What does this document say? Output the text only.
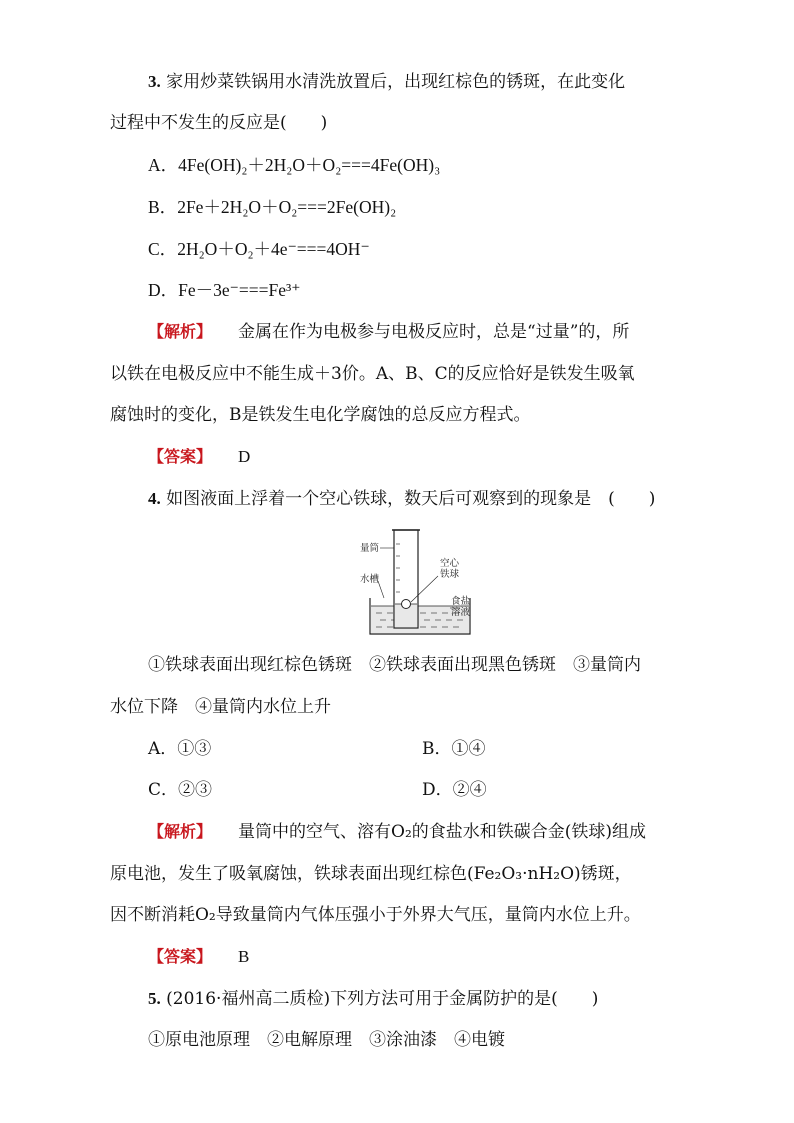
3. 家用炒菜铁锅用水清洗放置后，出现红棕色的锈斑，在此变化
过程中不发生的反应是(　　)
A．4Fe(OH)₂＋2H₂O＋O₂===4Fe(OH)₃
B．2Fe＋2H₂O＋O₂===2Fe(OH)₂
C．2H₂O＋O₂＋4e⁻===4OH⁻
D．Fe－3e⁻===Fe³⁺
【解析】 金属在作为电极参与电极反应时，总是“过量”的，所
以铁在电极反应中不能生成＋3价。A、B、C的反应恰好是铁发生吸氧
腐蚀时的变化，B是铁发生电化学腐蚀的总反应方程式。
【答案】 D
4. 如图液面上浮着一个空心铁球，数天后可观察到的现象是　(　　)
量筒
水槽
空心
铁球
食盐
溶液
①铁球表面出现红棕色锈斑　②铁球表面出现黑色锈斑　③量筒内
水位下降　④量筒内水位上升
A．①③	B．①④
C．②③	D．②④
【解析】 量筒中的空气、溶有O₂的食盐水和铁碳合金(铁球)组成
原电池，发生了吸氧腐蚀，铁球表面出现红棕色(Fe₂O₃·nH₂O)锈斑，
因不断消耗O₂导致量筒内气体压强小于外界大气压，量筒内水位上升。
【答案】 B
5. (2016·福州高二质检)下列方法可用于金属防护的是(　　)
①原电池原理　②电解原理　③涂油漆　④电镀
